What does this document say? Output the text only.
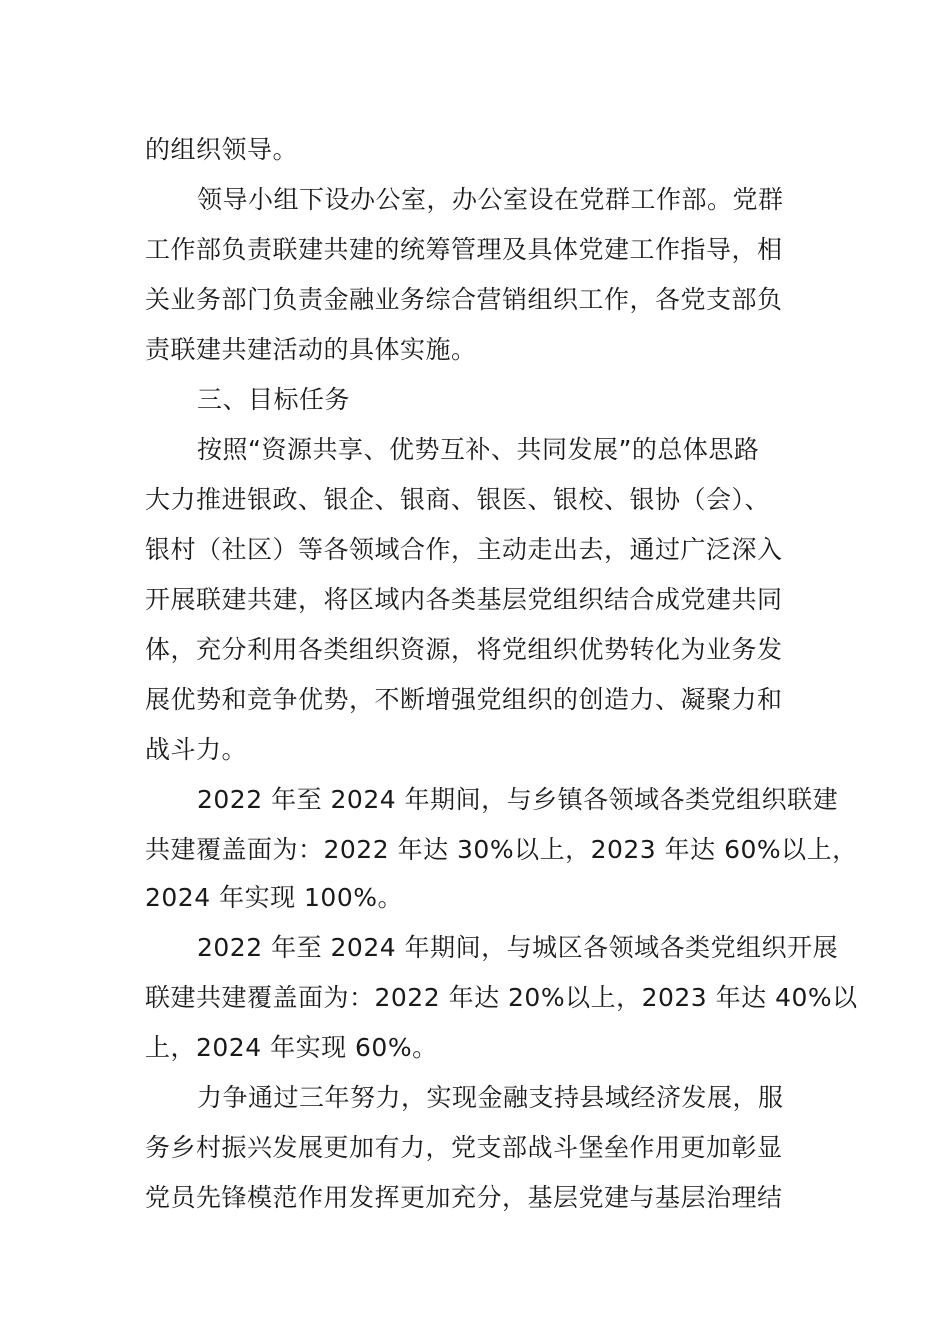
的组织领导。
领导小组下设办公室，办公室设在党群工作部。党群
工作部负责联建共建的统筹管理及具体党建工作指导，相
关业务部门负责金融业务综合营销组织工作，各党支部负
责联建共建活动的具体实施。
三、目标任务
按照“资源共享、优势互补、共同发展”的总体思路
大力推进银政、银企、银商、银医、银校、银协（会）、
银村（社区）等各领域合作，主动走出去，通过广泛深入
开展联建共建，将区域内各类基层党组织结合成党建共同
体，充分利用各类组织资源，将党组织优势转化为业务发
展优势和竞争优势，不断增强党组织的创造力、凝聚力和
战斗力。
2022 年至 2024 年期间，与乡镇各领域各类党组织联建
共建覆盖面为：2022 年达 30%以上，2023 年达 60%以上，
2024 年实现 100%。
2022 年至 2024 年期间，与城区各领域各类党组织开展
联建共建覆盖面为：2022 年达 20%以上，2023 年达 40%以
上，2024 年实现 60%。
力争通过三年努力，实现金融支持县域经济发展，服
务乡村振兴发展更加有力，党支部战斗堡垒作用更加彰显
党员先锋模范作用发挥更加充分，基层党建与基层治理结
